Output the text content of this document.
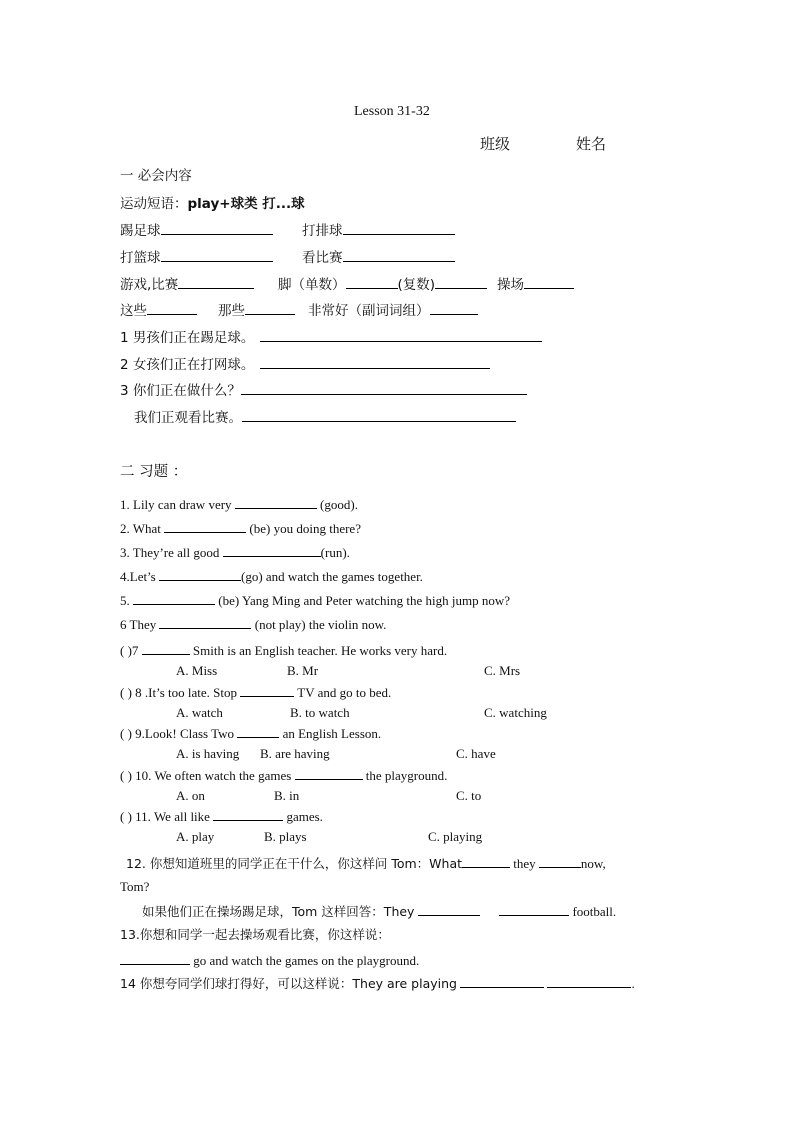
Lesson 31-32
班级	姓名
一 必会内容
运动短语：play+球类 打...球
踢足球	打排球
打篮球	看比赛
游戏,比赛	脚（单数）	(复数)	操场
这些	那些	非常好（副词词组）
1 男孩们正在踢足球。
2 女孩们正在打网球。
3 你们正在做什么？
我们正观看比赛。
二 习题 ：
1. Lily can draw very	(good).
2. What	(be) you doing there?
3. They’re all good	(run).
4.Let’s	(go) and watch the games together.
5.	(be) Yang Ming and Peter watching the high jump now?
6 They	(not play) the violin now.
( )7	Smith is an English teacher. He works very hard.
A. Miss	B. Mr	C. Mrs
( ) 8 .It’s too late. Stop	TV and go to bed.
A. watch	B. to watch	C. watching
( ) 9.Look! Class Two	an English Lesson.
A. is having B. are having	C. have
( ) 10. We often watch the games	the playground.
A. on	B. in	C. to
( ) 11. We all like	games.
A. play	B. plays	C. playing
12. 你想知道班里的同学正在干什么，你这样问 Tom：What	they	now,
Tom?
如果他们正在操场踢足球，Tom 这样回答：They	football.
13.你想和同学一起去操场观看比赛，你这样说：
go and watch the games on the playground.
14 你想夸同学们球打得好，可以这样说：They are playing	.
